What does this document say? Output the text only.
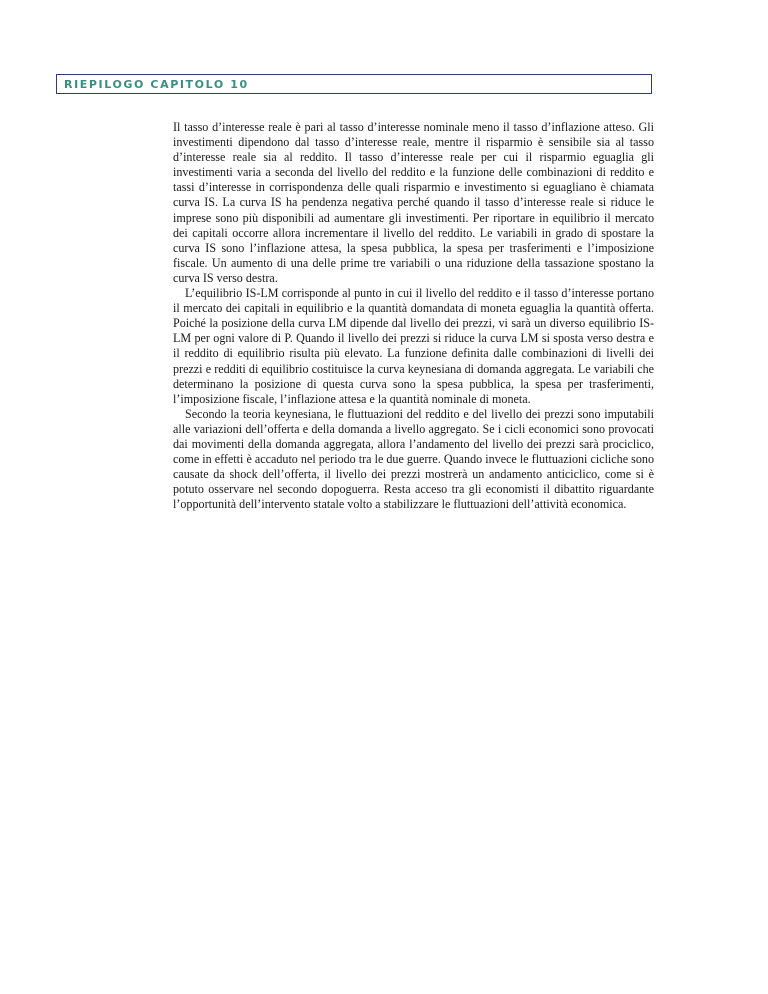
RIEPILOGO CAPITOLO 10

Il tasso d’interesse reale è pari al tasso d’interesse nominale meno il tasso d’inflazione atteso. Gli investimenti dipendono dal tasso d’interesse reale, mentre il risparmio è sensibile sia al tasso d’interesse reale sia al reddito. Il tasso d’interesse reale per cui il risparmio eguaglia gli investimenti varia a seconda del livello del reddito e la funzione delle combinazioni di reddito e tassi d’interesse in corrispondenza delle quali risparmio e investimento si eguagliano è chiamata curva IS. La curva IS ha pendenza negativa perché quando il tasso d’interesse reale si riduce le imprese sono più disponibili ad aumentare gli investimenti. Per riportare in equilibrio il mercato dei capitali occorre allora incrementare il livello del reddito. Le variabili in grado di spostare la curva IS sono l’inflazione attesa, la spesa pubblica, la spesa per trasferimenti e l’imposizione fiscale. Un aumento di una delle prime tre variabili o una riduzione della tassazione spostano la curva IS verso destra.

L’equilibrio IS-LM corrisponde al punto in cui il livello del reddito e il tasso d’interesse portano il mercato dei capitali in equilibrio e la quantità domandata di moneta eguaglia la quantità offerta. Poiché la posizione della curva LM dipende dal livello dei prezzi, vi sarà un diverso equilibrio IS-LM per ogni valore di P. Quando il livello dei prezzi si riduce la curva LM si sposta verso destra e il reddito di equilibrio risulta più elevato. La funzione definita dalle combinazioni di livelli dei prezzi e redditi di equilibrio costituisce la curva keynesiana di domanda aggregata. Le variabili che determinano la posizione di questa curva sono la spesa pubblica, la spesa per trasferimenti, l’imposizione fiscale, l’inflazione attesa e la quantità nominale di moneta.

Secondo la teoria keynesiana, le fluttuazioni del reddito e del livello dei prezzi sono imputabili alle variazioni dell’offerta e della domanda a livello aggregato. Se i cicli economici sono provocati dai movimenti della domanda aggregata, allora l’andamento del livello dei prezzi sarà prociclico, come in effetti è accaduto nel periodo tra le due guerre. Quando invece le fluttuazioni cicliche sono causate da shock dell’offerta, il livello dei prezzi mostrerà un andamento anticiclico, come si è potuto osservare nel secondo dopoguerra. Resta acceso tra gli economisti il dibattito riguardante l’opportunità dell’intervento statale volto a stabilizzare le fluttuazioni dell’attività economica.
